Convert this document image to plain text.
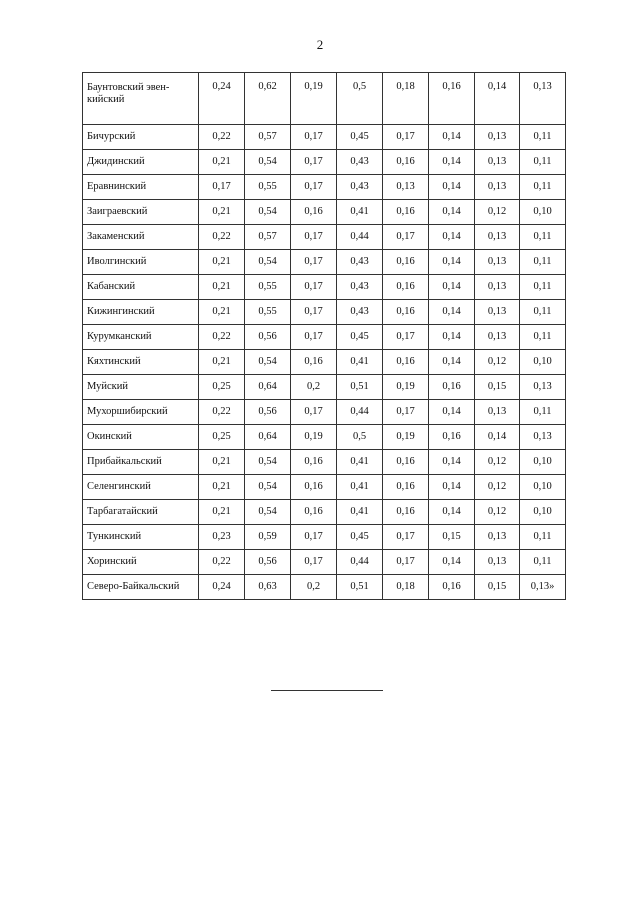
2
Баунтовский эвен-кийский	0,24	0,62	0,19	0,5	0,18	0,16	0,14	0,13
Бичурский	0,22	0,57	0,17	0,45	0,17	0,14	0,13	0,11
Джидинский	0,21	0,54	0,17	0,43	0,16	0,14	0,13	0,11
Еравнинский	0,17	0,55	0,17	0,43	0,13	0,14	0,13	0,11
Заиграевский	0,21	0,54	0,16	0,41	0,16	0,14	0,12	0,10
Закаменский	0,22	0,57	0,17	0,44	0,17	0,14	0,13	0,11
Иволгинский	0,21	0,54	0,17	0,43	0,16	0,14	0,13	0,11
Кабанский	0,21	0,55	0,17	0,43	0,16	0,14	0,13	0,11
Кижингинский	0,21	0,55	0,17	0,43	0,16	0,14	0,13	0,11
Курумканский	0,22	0,56	0,17	0,45	0,17	0,14	0,13	0,11
Кяхтинский	0,21	0,54	0,16	0,41	0,16	0,14	0,12	0,10
Муйский	0,25	0,64	0,2	0,51	0,19	0,16	0,15	0,13
Мухоршибирский	0,22	0,56	0,17	0,44	0,17	0,14	0,13	0,11
Окинский	0,25	0,64	0,19	0,5	0,19	0,16	0,14	0,13
Прибайкальский	0,21	0,54	0,16	0,41	0,16	0,14	0,12	0,10
Селенгинский	0,21	0,54	0,16	0,41	0,16	0,14	0,12	0,10
Тарбагатайский	0,21	0,54	0,16	0,41	0,16	0,14	0,12	0,10
Тункинский	0,23	0,59	0,17	0,45	0,17	0,15	0,13	0,11
Хоринский	0,22	0,56	0,17	0,44	0,17	0,14	0,13	0,11
Северо-Байкальский	0,24	0,63	0,2	0,51	0,18	0,16	0,15	0,13»
